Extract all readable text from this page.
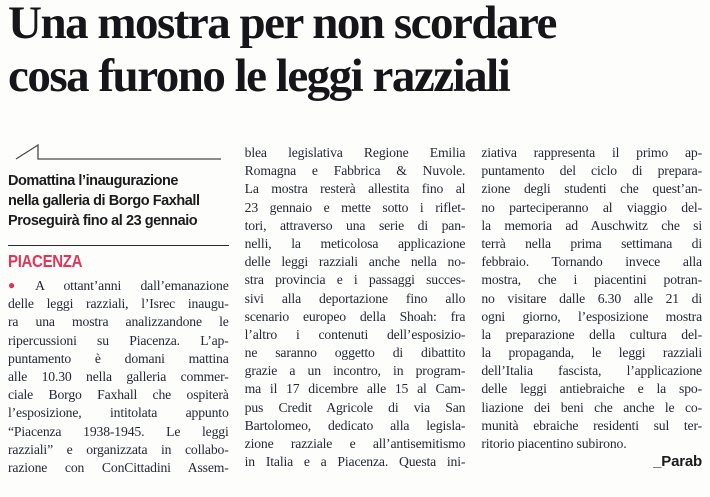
Una mostra per non scordare
cosa furono le leggi razziali
Domattina l’inaugurazione
nella galleria di Borgo Faxhall
Proseguirà fino al 23 gennaio
PIACENZA
● A ottant’anni dall’emanazione
delle leggi razziali, l’Isrec inaugu-
ra una mostra analizzandone le
ripercussioni su Piacenza. L’ap-
puntamento è domani mattina
alle 10.30 nella galleria commer-
ciale Borgo Faxhall che ospiterà
l’esposizione, intitolata appunto
“Piacenza 1938-1945. Le leggi
razziali” e organizzata in collabo-
razione con ConCittadini Assem-
blea legislativa Regione Emilia
Romagna e Fabbrica & Nuvole.
La mostra resterà allestita fino al
23 gennaio e mette sotto i riflet-
tori, attraverso una serie di pan-
nelli, la meticolosa applicazione
delle leggi razziali anche nella no-
stra provincia e i passaggi succes-
sivi alla deportazione fino allo
scenario europeo della Shoah: fra
l’altro i contenuti dell’esposizio-
ne saranno oggetto di dibattito
grazie a un incontro, in program-
ma il 17 dicembre alle 15 al Cam-
pus Credit Agricole di via San
Bartolomeo, dedicato alla legisla-
zione razziale e all’antisemitismo
in Italia e a Piacenza. Questa ini-
ziativa rappresenta il primo ap-
puntamento del ciclo di prepara-
zione degli studenti che quest’an-
no parteciperanno al viaggio del-
la memoria ad Auschwitz che si
terrà nella prima settimana di
febbraio. Tornando invece alla
mostra, che i piacentini potran-
no visitare dalle 6.30 alle 21 di
ogni giorno, l’esposizione mostra
la preparazione della cultura del-
la propaganda, le leggi razziali
dell’Italia fascista, l’applicazione
delle leggi antiebraiche e la spo-
liazione dei beni che anche le co-
munità ebraiche residenti sul ter-
ritorio piacentino subirono.
_Parab
